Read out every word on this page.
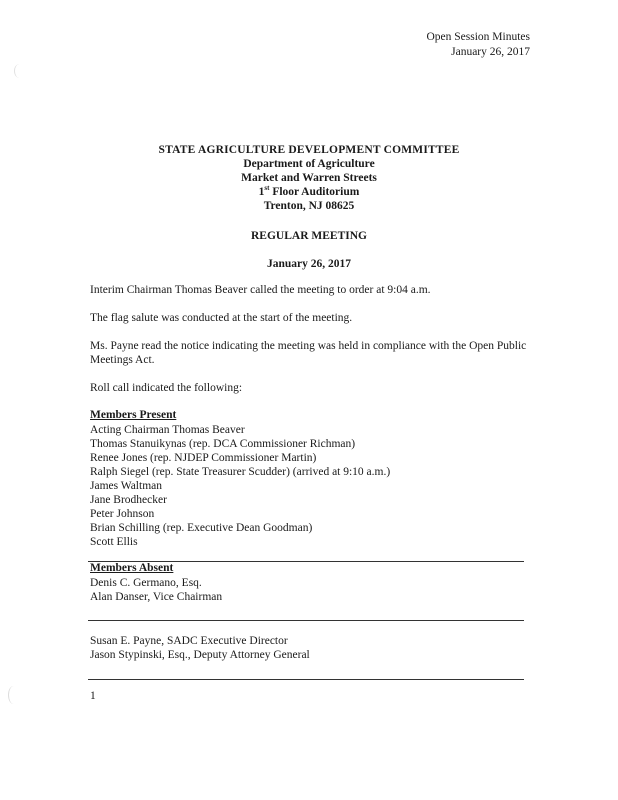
Open Session Minutes
January 26, 2017
STATE AGRICULTURE DEVELOPMENT COMMITTEE
Department of Agriculture
Market and Warren Streets
1st Floor Auditorium
Trenton, NJ 08625
REGULAR MEETING
January 26, 2017
Interim Chairman Thomas Beaver called the meeting to order at 9:04 a.m.
The flag salute was conducted at the start of the meeting.
Ms. Payne read the notice indicating the meeting was held in compliance with the Open Public Meetings Act.
Roll call indicated the following:
Members Present
Acting Chairman Thomas Beaver
Thomas Stanuikynas (rep. DCA Commissioner Richman)
Renee Jones (rep. NJDEP Commissioner Martin)
Ralph Siegel (rep. State Treasurer Scudder) (arrived at 9:10 a.m.)
James Waltman
Jane Brodhecker
Peter Johnson
Brian Schilling (rep. Executive Dean Goodman)
Scott Ellis
Members Absent
Denis C. Germano, Esq.
Alan Danser, Vice Chairman
Susan E. Payne, SADC Executive Director
Jason Stypinski, Esq., Deputy Attorney General
1
